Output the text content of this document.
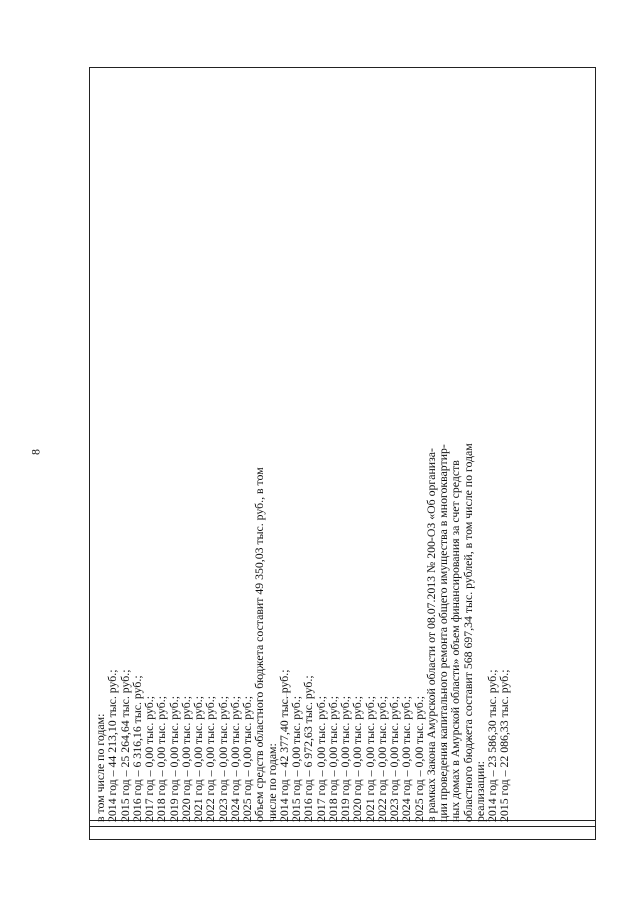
8
в том числе по годам:
2014 год – 44 213,10 тыс. руб.;
2015 год – 25 264,64 тыс. руб.;
2016 год – 6 316,16 тыс. руб.;
2017 год – 0,00 тыс. руб.;
2018 год – 0,00 тыс. руб.;
2019 год – 0,00 тыс. руб.;
2020 год – 0,00 тыс. руб.;
2021 год – 0,00 тыс. руб.;
2022 год – 0,00 тыс. руб.;
2023 год – 0,00 тыс. руб.;
2024 год – 0,00 тыс. руб.;
2025 год – 0,00 тыс. руб.;
объем средств областного бюджета составит 49 350,03 тыс. руб., в том
числе по годам:
2014 год – 42 377,40 тыс. руб.;
2015 год – 0,00 тыс. руб.;
2016 год – 6 972,63 тыс. руб.;
2017 год – 0,00 тыс. руб.;
2018 год – 0,00 тыс. руб.;
2019 год – 0,00 тыс. руб.;
2020 год – 0,00 тыс. руб.;
2021 год – 0,00 тыс. руб.;
2022 год – 0,00 тыс. руб.;
2023 год – 0,00 тыс. руб.;
2024 год – 0,00 тыс. руб.;
2025 год – 0,00 тыс. руб.;
в рамках Закона Амурской области от 08.07.2013 № 200-ОЗ «Об организа-
ции проведения капитального ремонта общего имущества в многоквартир-
ных домах в Амурской области» объем финансирования за счет средств
областного бюджета составит 568 697,34 тыс. рублей, в том числе по годам
реализации:
2014 год – 23 586,30 тыс. руб.;
2015 год – 22 086,33 тыс. руб.;
